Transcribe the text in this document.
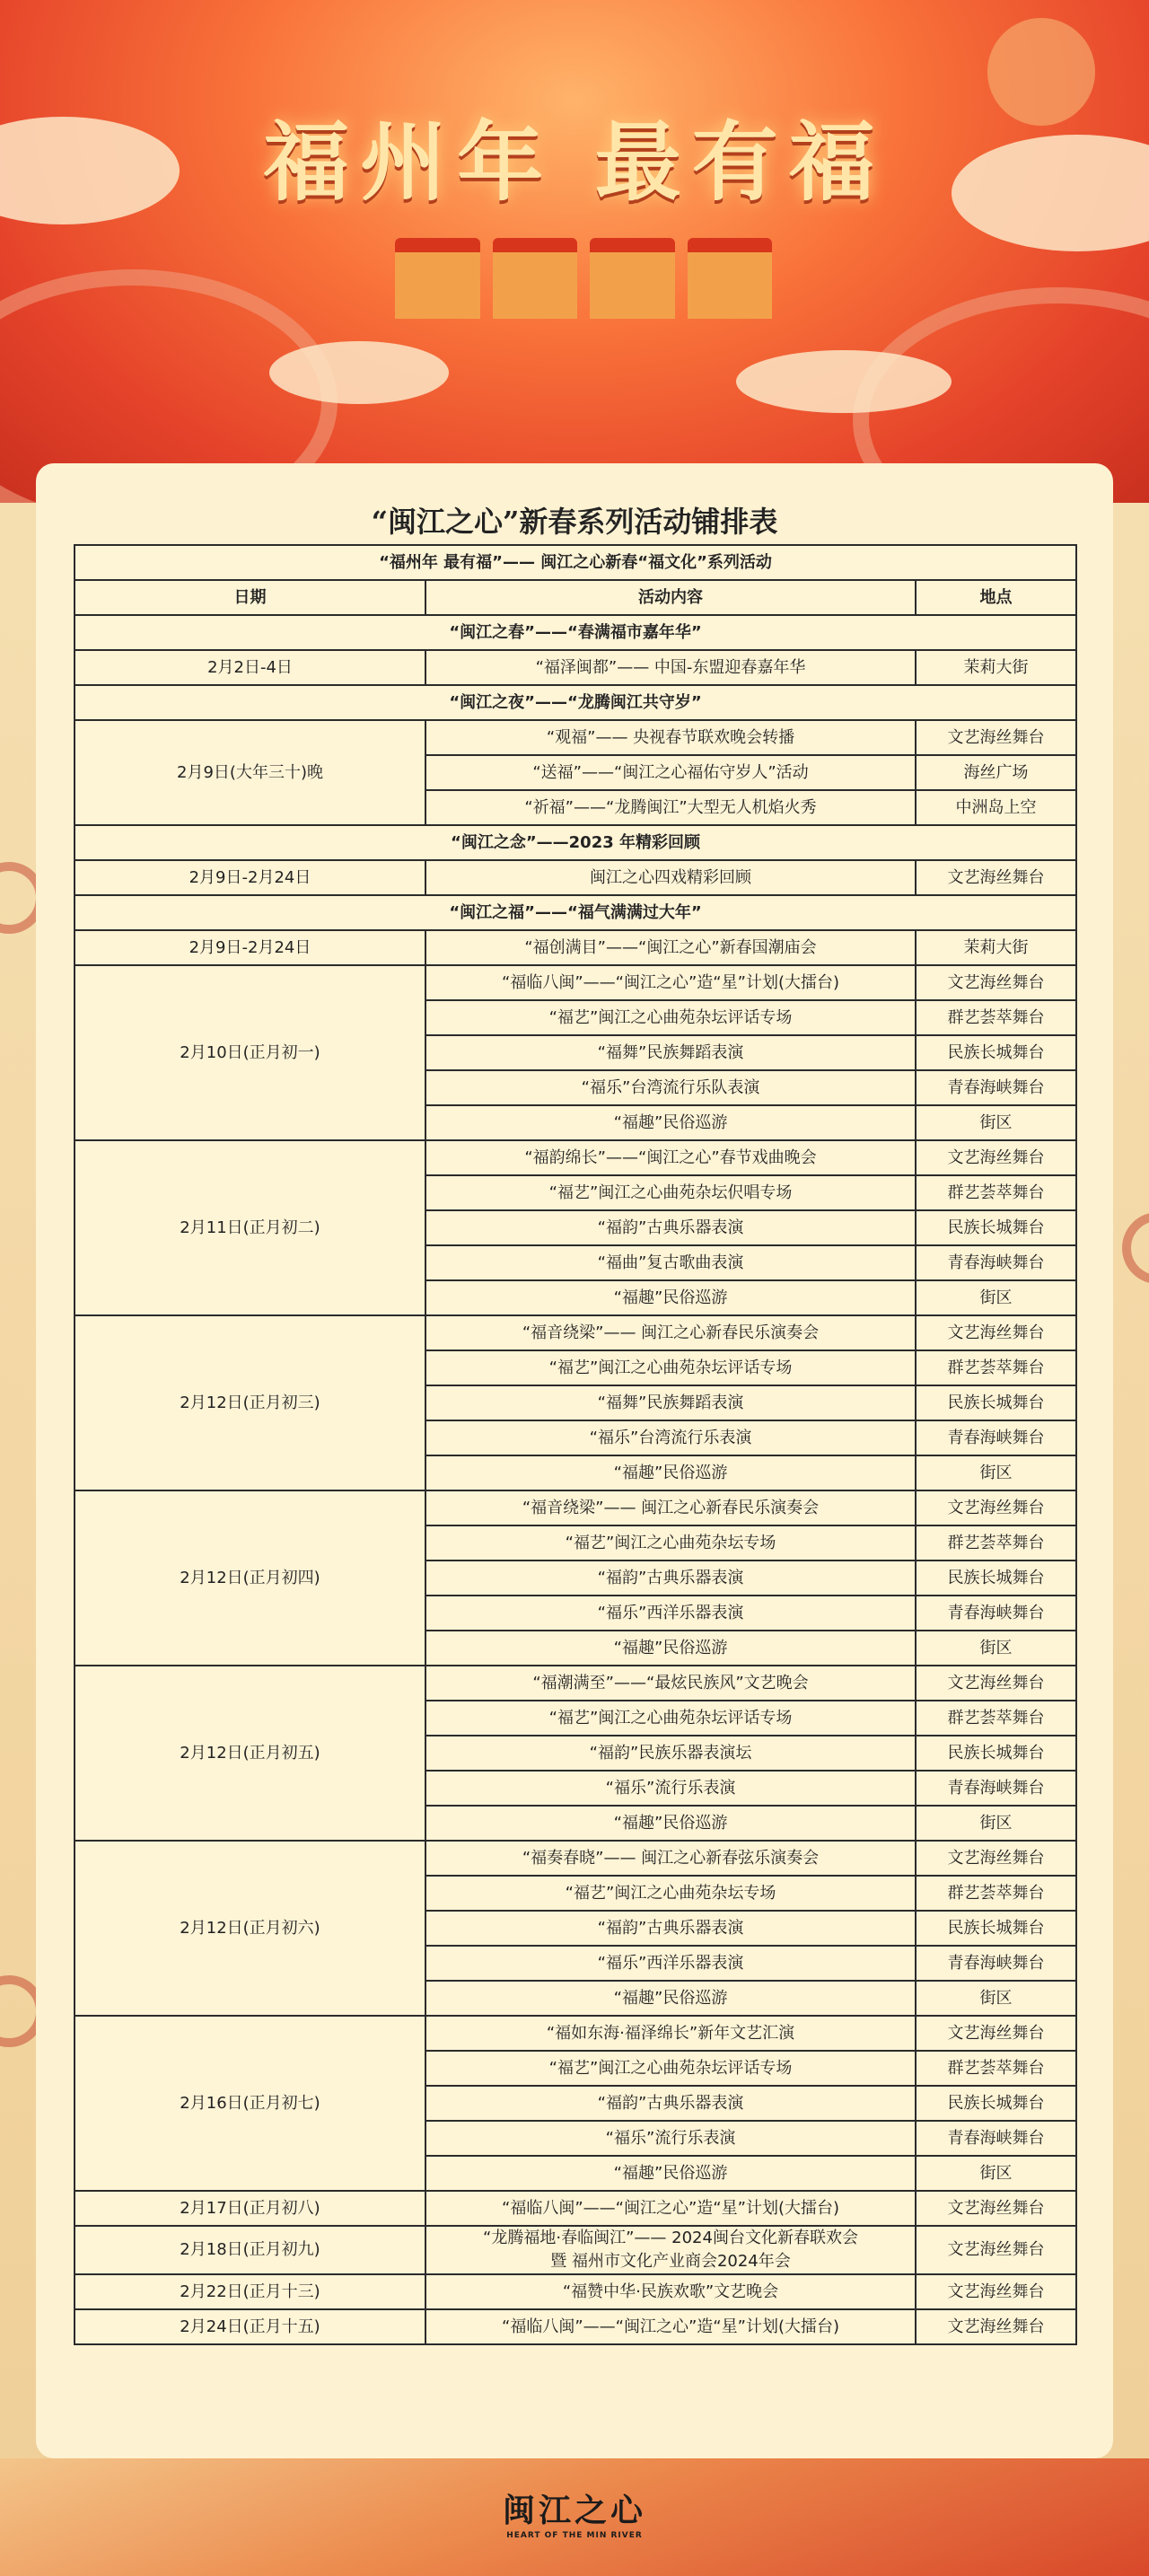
福州年 最有福
“闽江之心”新春系列活动铺排表
“福州年 最有福”—— 闽江之心新春“福文化”系列活动		
日期	活动内容	地点
“闽江之春”——“春满福市嘉年华”		
2月2日-4日	“福泽闽都”—— 中国-东盟迎春嘉年华	茉莉大街
“闽江之夜”——“龙腾闽江共守岁”		
2月9日(大年三十)晚	“观福”—— 央视春节联欢晚会转播	文艺海丝舞台
	“送福”——“闽江之心福佑守岁人”活动	海丝广场
	“祈福”——“龙腾闽江”大型无人机焰火秀	中洲岛上空
“闽江之念”——2023 年精彩回顾		
2月9日-2月24日	闽江之心四戏精彩回顾	文艺海丝舞台
“闽江之福”——“福气满满过大年”		
2月9日-2月24日	“福创满目”——“闽江之心”新春国潮庙会	茉莉大街
2月10日(正月初一)	“福临八闽”——“闽江之心”造“星”计划(大擂台)	文艺海丝舞台
	“福艺”闽江之心曲苑杂坛评话专场	群艺荟萃舞台
	“福舞”民族舞蹈表演	民族长城舞台
	“福乐”台湾流行乐队表演	青春海峡舞台
	“福趣”民俗巡游	街区
2月11日(正月初二)	“福韵绵长”——“闽江之心”春节戏曲晚会	文艺海丝舞台
	“福艺”闽江之心曲苑杂坛伬唱专场	群艺荟萃舞台
	“福韵”古典乐器表演	民族长城舞台
	“福曲”复古歌曲表演	青春海峡舞台
	“福趣”民俗巡游	街区
2月12日(正月初三)	“福音绕梁”—— 闽江之心新春民乐演奏会	文艺海丝舞台
	“福艺”闽江之心曲苑杂坛评话专场	群艺荟萃舞台
	“福舞”民族舞蹈表演	民族长城舞台
	“福乐”台湾流行乐表演	青春海峡舞台
	“福趣”民俗巡游	街区
2月12日(正月初四)	“福音绕梁”—— 闽江之心新春民乐演奏会	文艺海丝舞台
	“福艺”闽江之心曲苑杂坛专场	群艺荟萃舞台
	“福韵”古典乐器表演	民族长城舞台
	“福乐”西洋乐器表演	青春海峡舞台
	“福趣”民俗巡游	街区
2月12日(正月初五)	“福潮满至”——“最炫民族风”文艺晚会	文艺海丝舞台
	“福艺”闽江之心曲苑杂坛评话专场	群艺荟萃舞台
	“福韵”民族乐器表演坛	民族长城舞台
	“福乐”流行乐表演	青春海峡舞台
	“福趣”民俗巡游	街区
2月12日(正月初六)	“福奏春晓”—— 闽江之心新春弦乐演奏会	文艺海丝舞台
	“福艺”闽江之心曲苑杂坛专场	群艺荟萃舞台
	“福韵”古典乐器表演	民族长城舞台
	“福乐”西洋乐器表演	青春海峡舞台
	“福趣”民俗巡游	街区
2月16日(正月初七)	“福如东海·福泽绵长”新年文艺汇演	文艺海丝舞台
	“福艺”闽江之心曲苑杂坛评话专场	群艺荟萃舞台
	“福韵”古典乐器表演	民族长城舞台
	“福乐”流行乐表演	青春海峡舞台
	“福趣”民俗巡游	街区
2月17日(正月初八)	“福临八闽”——“闽江之心”造“星”计划(大擂台)	文艺海丝舞台
2月18日(正月初九)	“龙腾福地·春临闽江”—— 2024闽台文化新春联欢会
暨 福州市文化产业商会2024年会	文艺海丝舞台
2月22日(正月十三)	“福赞中华·民族欢歌”文艺晚会	文艺海丝舞台
2月24日(正月十五)	“福临八闽”——“闽江之心”造“星”计划(大擂台)	文艺海丝舞台
闽江之心
HEART OF THE MIN RIVER
